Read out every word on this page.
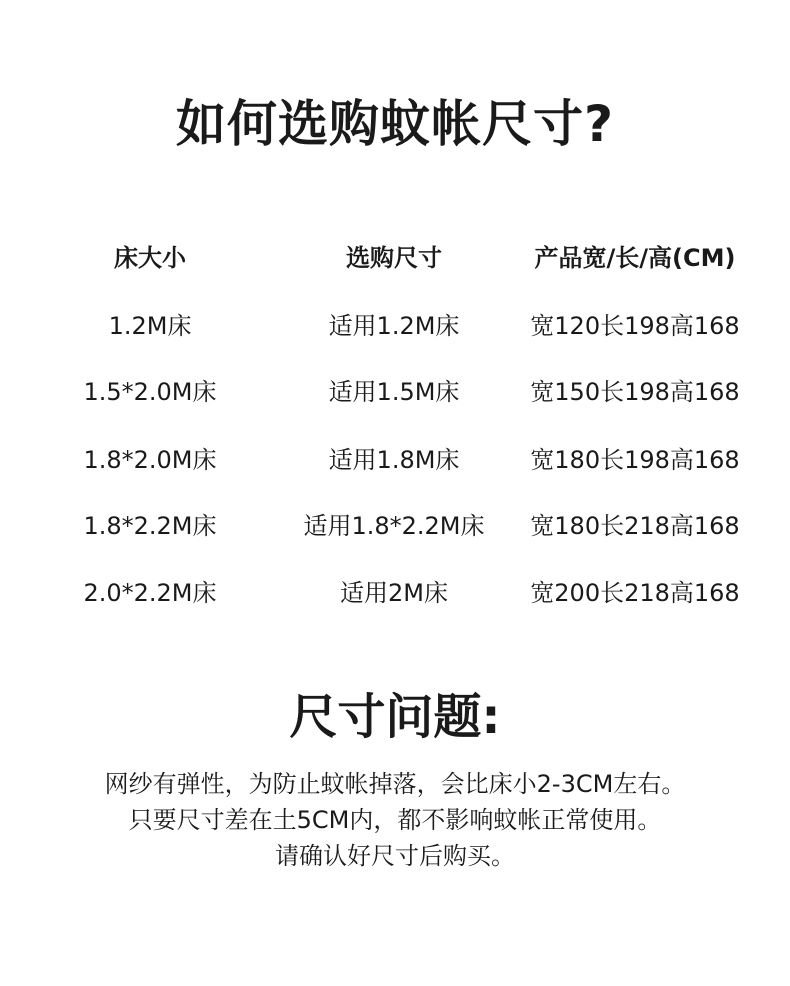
如何选购蚊帐尺寸?
床大小	选购尺寸	产品宽/长/高(CM)
1.2M床	适用1.2M床	宽120长198高168
1.5*2.0M床	适用1.5M床	宽150长198高168
1.8*2.0M床	适用1.8M床	宽180长198高168
1.8*2.2M床	适用1.8*2.2M床	宽180长218高168
2.0*2.2M床	适用2M床	宽200长218高168
尺寸问题:
网纱有弹性，为防止蚊帐掉落，会比床小2-3CM左右。
只要尺寸差在土5CM内，都不影响蚊帐正常使用。
请确认好尺寸后购买。
